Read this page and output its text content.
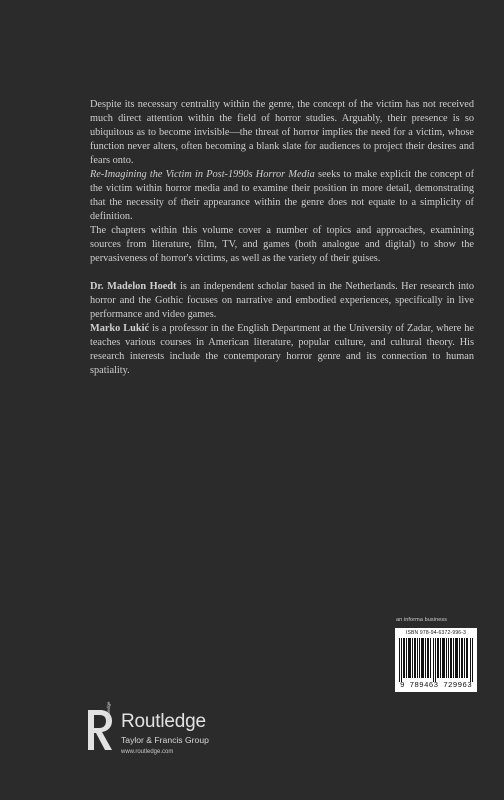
Despite its necessary centrality within the genre, the concept of the victim has not received much direct attention within the field of horror studies. Arguably, their presence is so ubiquitous as to become invisible—the threat of horror implies the need for a victim, whose function never alters, often becoming a blank slate for audiences to project their desires and fears onto.

Re-Imagining the Victim in Post-1990s Horror Media seeks to make explicit the concept of the victim within horror media and to examine their position in more detail, demonstrating that the necessity of their appearance within the genre does not equate to a simplicity of definition.

The chapters within this volume cover a number of topics and approaches, examining sources from literature, film, TV, and games (both analogue and digital) to show the pervasiveness of horror's victims, as well as the variety of their guises.

Dr. Madelon Hoedt is an independent scholar based in the Netherlands. Her research into horror and the Gothic focuses on narrative and embodied experiences, specifically in live performance and video games.

Marko Lukić is a professor in the English Department at the University of Zadar, where he teaches various courses in American literature, popular culture, and cultural theory. His research interests include the contemporary horror genre and its connection to human spatiality.

an informa business
ISBN 978-94-6372-996-3
9 789463 729963
Routledge Routledge
Taylor & Francis Group
www.routledge.com
